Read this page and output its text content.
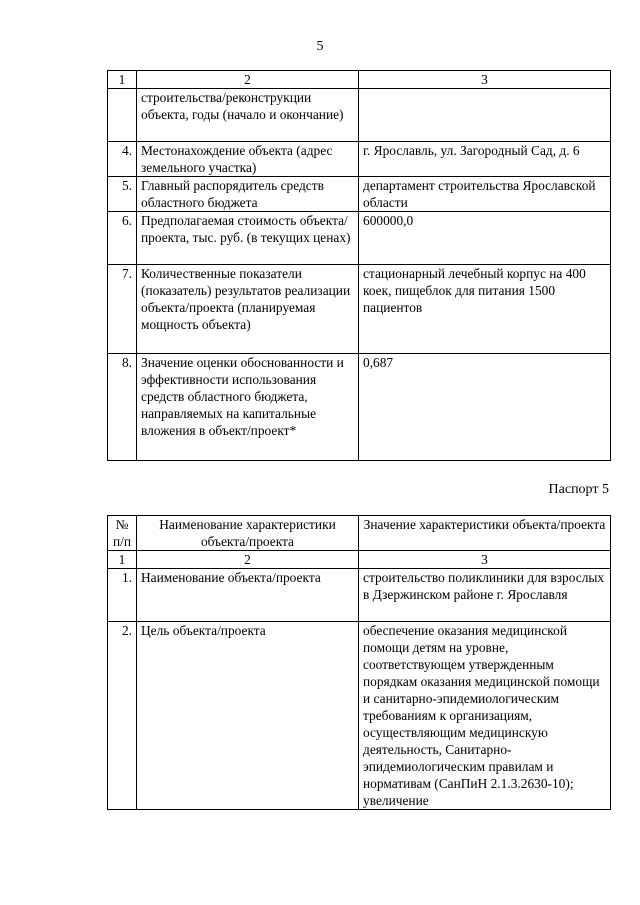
5
1	2	3
	строительства/реконструкции объекта, годы (начало и окончание)	
4.	Местонахождение объекта (адрес земельного участка)	г. Ярославль, ул. Загородный Сад, д. 6
5.	Главный распорядитель средств областного бюджета	департамент строительства Ярославской области
6.	Предполагаемая стоимость объекта/проекта, тыс. руб. (в текущих ценах)	600000,0
7.	Количественные показатели (показатель) результатов реализации объекта/проекта (планируемая мощность объекта)	стационарный лечебный корпус на 400 коек, пищеблок для питания 1500 пациентов
8.	Значение оценки обоснованности и эффективности использования средств областного бюджета, направляемых на капитальные вложения в объект/проект*	0,687
Паспорт 5
№ п/п	Наименование характеристики объекта/проекта	Значение характеристики объекта/проекта
1	2	3
1.	Наименование объекта/проекта	строительство поликлиники для взрослых в Дзержинском районе г. Ярославля
2.	Цель объекта/проекта	обеспечение оказания медицинской помощи детям на уровне, соответствующем утвержденным порядкам оказания медицинской помощи и санитарно-эпидемиологическим требованиям к организациям, осуществляющим медицинскую деятельность, Санитарно-эпидемиологическим правилам и нормативам (СанПиН 2.1.3.2630-10); увеличение
